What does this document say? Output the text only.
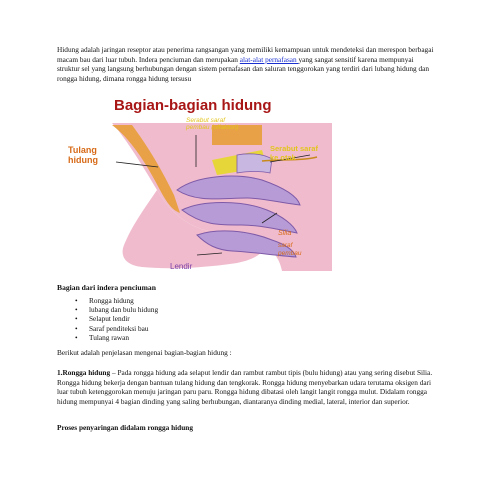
Hidung adalah jaringan reseptor atau penerima rangsangan yang memiliki kemampuan untuk mendeteksi dan merespon berbagai macam bau dari luar tubuh. Indera penciuman dan merupakan alat-alat pernafasan yang sangat sensitif karena mempunyai struktur sel yang langsung berhubungan dengan sistem pernafasan dan saluran tenggorokan yang terdiri dari lubang hidung dan rongga hidung, dimana rongga hidung tersusu

Bagian-bagian hidung
Serabut saraf pembau (olfaktori)
Tulang hidung
Serabut saraf ke otak
Silia
saraf pembau
Lendir
Bagian dari indera penciuman
• Rongga hidung
• lubang dan bulu hidung
• Selaput lendir
• Saraf penditeksi bau
• Tulang rawan

Berikut adalah penjelasan mengenai bagian-bagian hidung :

1.Rongga hidung – Pada rongga hidung ada selaput lendir dan rambut rambut tipis (bulu hidung) atau yang sering disebut Silia. Rongga hidung bekerja dengan bantuan tulang hidung dan tengkorak. Rongga hidung menyebarkan udara terutama oksigen dari luar tubuh ketenggorokan menuju jaringan paru paru. Rongga hidung dibatasi oleh langit langit rongga mulut. Didalam rongga hidung mempunyai 4 bagian dinding yang saling berhubungan, diantaranya dinding medial, lateral, interior dan superior.

Proses penyaringan didalam rongga hidung
